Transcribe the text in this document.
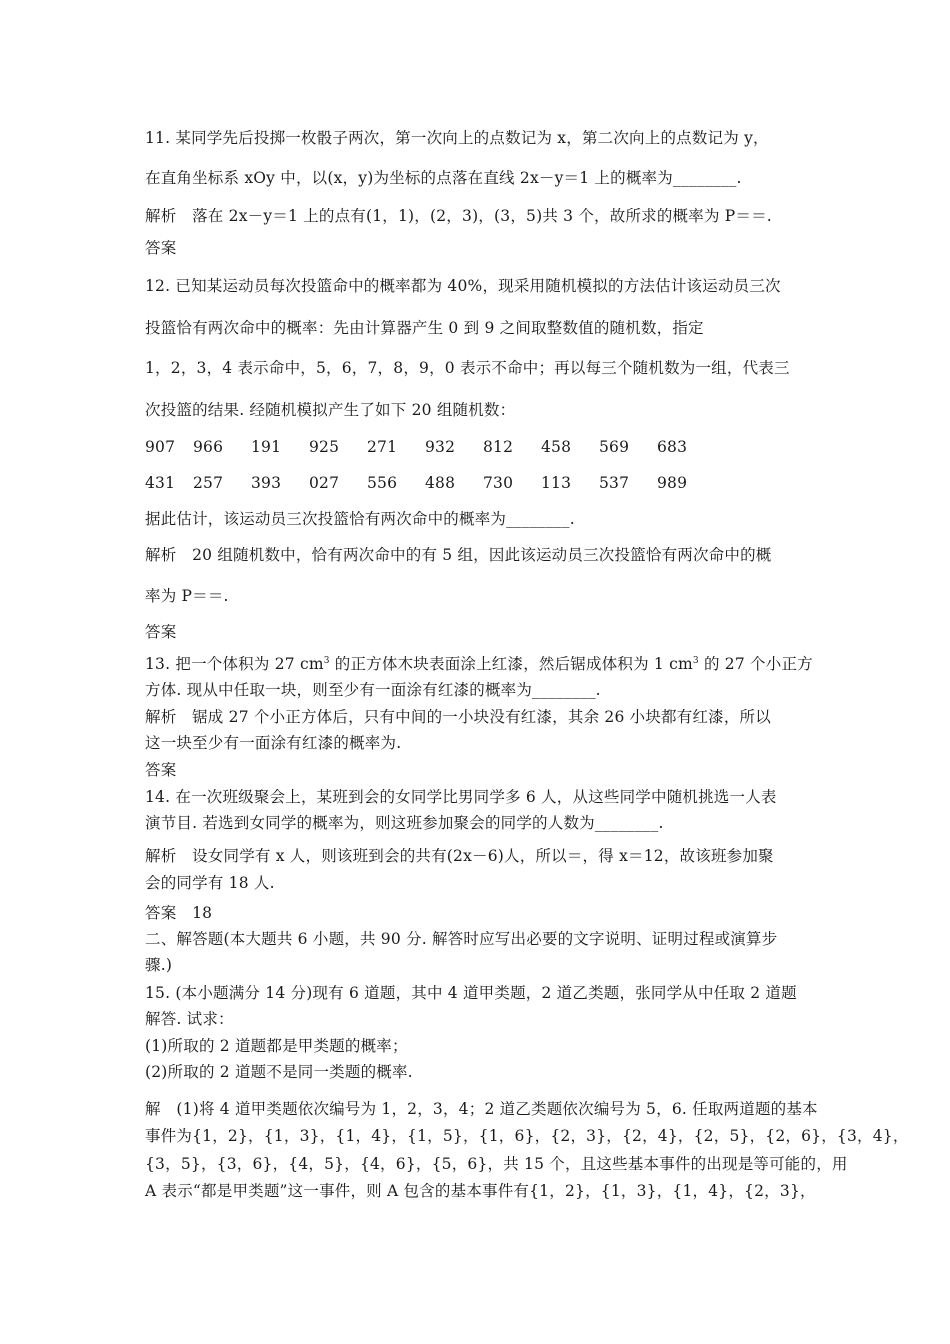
11. 某同学先后投掷一枚骰子两次，第一次向上的点数记为 x，第二次向上的点数记为 y，
在直角坐标系 xOy 中，以(x，y)为坐标的点落在直线 2x－y＝1 上的概率为________.
解析　落在 2x－y＝1 上的点有(1，1)，(2，3)，(3，5)共 3 个，故所求的概率为 P＝＝.
答案
12. 已知某运动员每次投篮命中的概率都为 40%，现采用随机模拟的方法估计该运动员三次
投篮恰有两次命中的概率：先由计算器产生 0 到 9 之间取整数值的随机数，指定
1，2，3，4 表示命中，5，6，7，8，9，0 表示不命中；再以每三个随机数为一组，代表三
次投篮的结果. 经随机模拟产生了如下 20 组随机数：
907 966 191 925 271 932 812 458 569 683
431 257 393 027 556 488 730 113 537 989
据此估计，该运动员三次投篮恰有两次命中的概率为________.
解析　20 组随机数中，恰有两次命中的有 5 组，因此该运动员三次投篮恰有两次命中的概
率为 P＝＝.
答案
13. 把一个体积为 27 $cm^3$ 的正方体木块表面涂上红漆，然后锯成体积为 1 $cm^3$ 的 27 个小正方
方体. 现从中任取一块，则至少有一面涂有红漆的概率为________.
解析　锯成 27 个小正方体后，只有中间的一小块没有红漆，其余 26 小块都有红漆，所以
这一块至少有一面涂有红漆的概率为.
答案
14. 在一次班级聚会上，某班到会的女同学比男同学多 6 人，从这些同学中随机挑选一人表
演节目. 若选到女同学的概率为，则这班参加聚会的同学的人数为________.
解析　设女同学有 x 人，则该班到会的共有(2x－6)人，所以＝，得 x＝12，故该班参加聚
会的同学有 18 人.
答案　18
二、解答题(本大题共 6 小题，共 90 分. 解答时应写出必要的文字说明、证明过程或演算步
骤.)
15. (本小题满分 14 分)现有 6 道题，其中 4 道甲类题，2 道乙类题，张同学从中任取 2 道题
解答. 试求：
(1)所取的 2 道题都是甲类题的概率；
(2)所取的 2 道题不是同一类题的概率.
解　(1)将 4 道甲类题依次编号为 1，2，3，4；2 道乙类题依次编号为 5，6. 任取两道题的基本
事件为{1，2}，{1，3}，{1，4}，{1，5}，{1，6}，{2，3}，{2，4}，{2，5}，{2，6}，{3，4}，
{3，5}，{3，6}，{4，5}，{4，6}，{5，6}，共 15 个，且这些基本事件的出现是等可能的，用
A 表示“都是甲类题”这一事件，则 A 包含的基本事件有{1，2}，{1，3}，{1，4}，{2，3}，
